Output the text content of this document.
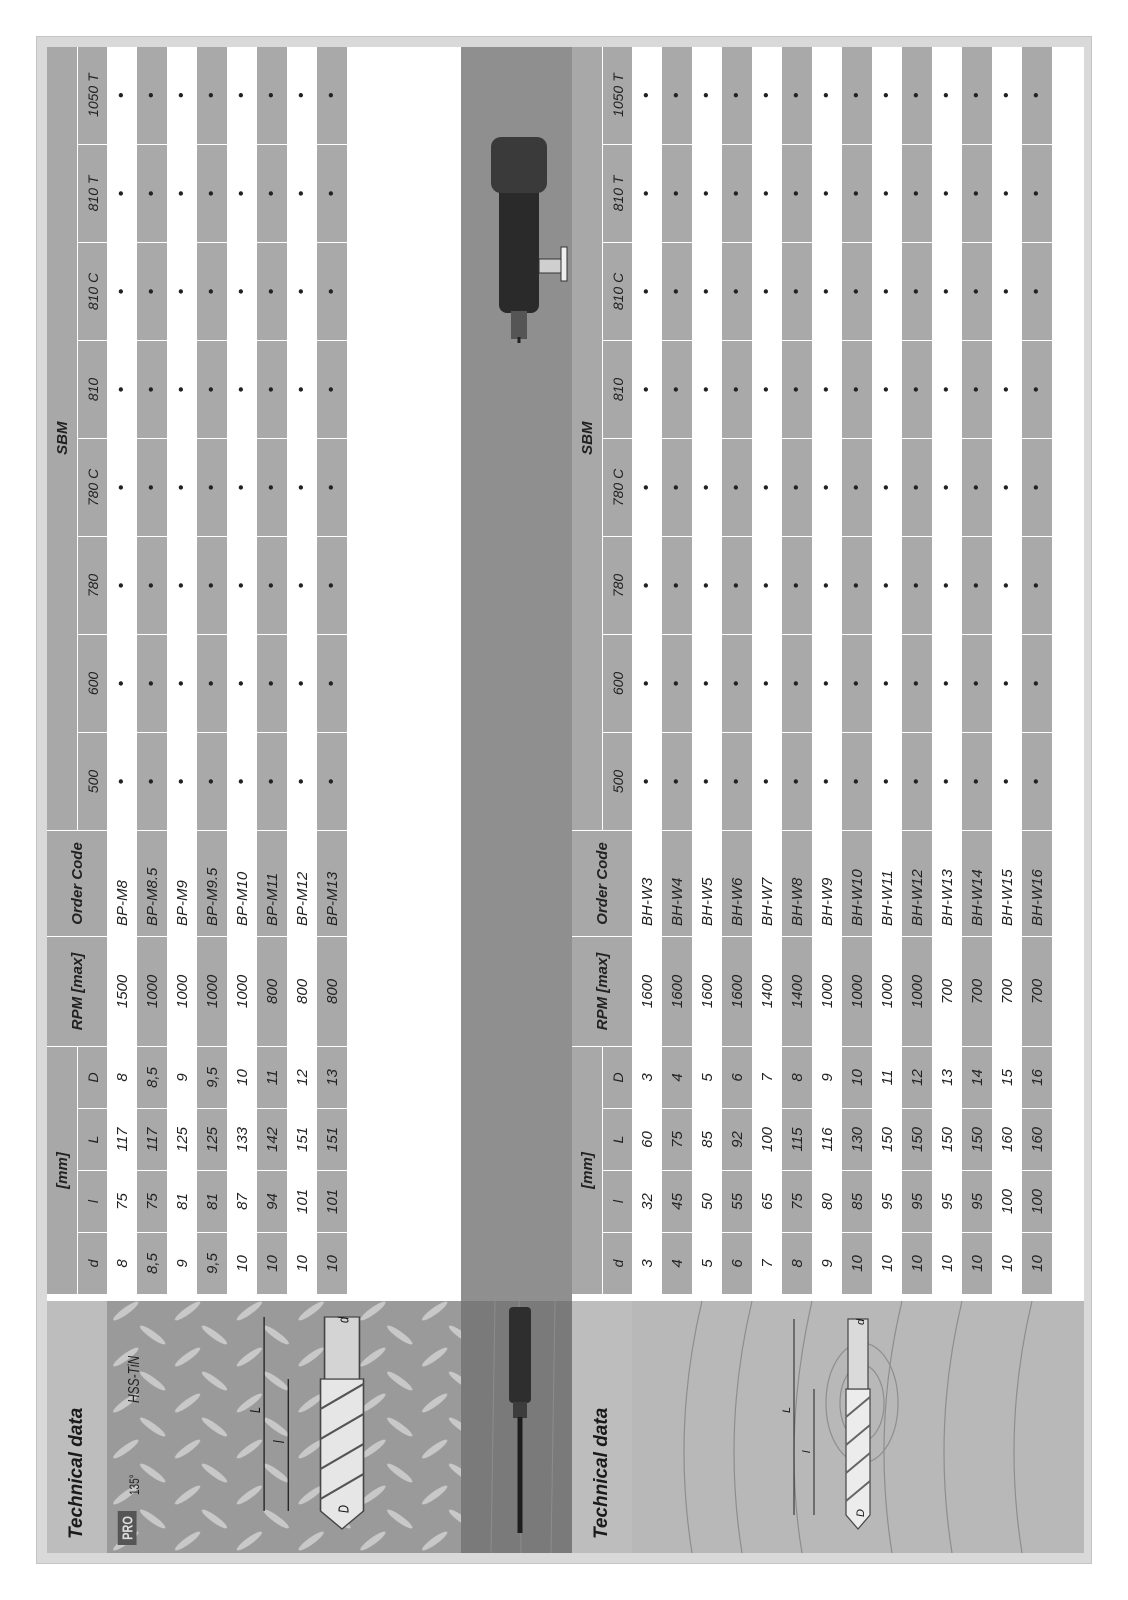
Technical data	PRO
HSS-TiN
135°
D
d
l
L
[mm]				RPM [max]	Order Code	SBM							
d	l	L	D			500	600	780	780 C	810	810 C	810 T	1050 T
8	75	117	8	1500	BP-M8	•	•	•	•	•	•	•	•
8,5	75	117	8,5	1000	BP-M8.5	•	•	•	•	•	•	•	•
9	81	125	9	1000	BP-M9	•	•	•	•	•	•	•	•
9,5	81	125	9,5	1000	BP-M9.5	•	•	•	•	•	•	•	•
10	87	133	10	1000	BP-M10	•	•	•	•	•	•	•	•
10	94	142	11	800	BP-M11	•	•	•	•	•	•	•	•
10	101	151	12	800	BP-M12	•	•	•	•	•	•	•	•
10	101	151	13	800	BP-M13	•	•	•	•	•	•	•	•
Technical data	D
d
l
L
[mm]				RPM [max]	Order Code	SBM							
d	l	L	D			500	600	780	780 C	810	810 C	810 T	1050 T
3	32	60	3	1600	BH-W3	•	•	•	•	•	•	•	•
4	45	75	4	1600	BH-W4	•	•	•	•	•	•	•	•
5	50	85	5	1600	BH-W5	•	•	•	•	•	•	•	•
6	55	92	6	1600	BH-W6	•	•	•	•	•	•	•	•
7	65	100	7	1400	BH-W7	•	•	•	•	•	•	•	•
8	75	115	8	1400	BH-W8	•	•	•	•	•	•	•	•
9	80	116	9	1000	BH-W9	•	•	•	•	•	•	•	•
10	85	130	10	1000	BH-W10	•	•	•	•	•	•	•	•
10	95	150	11	1000	BH-W11	•	•	•	•	•	•	•	•
10	95	150	12	1000	BH-W12	•	•	•	•	•	•	•	•
10	95	150	13	700	BH-W13	•	•	•	•	•	•	•	•
10	95	150	14	700	BH-W14	•	•	•	•	•	•	•	•
10	100	160	15	700	BH-W15	•	•	•	•	•	•	•	•
10	100	160	16	700	BH-W16	•	•	•	•	•	•	•	•
